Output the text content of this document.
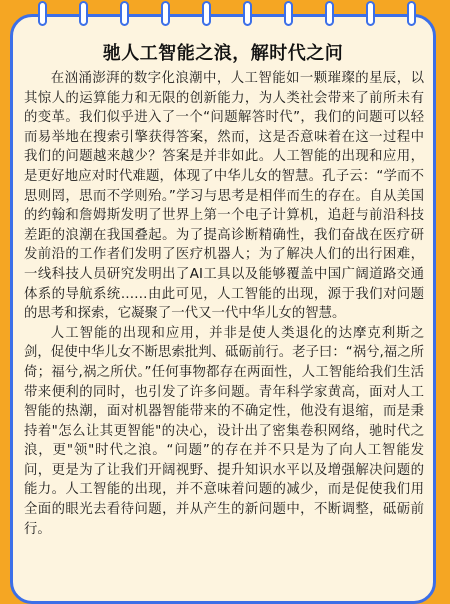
驰人工智能之浪，解时代之问

在汹涌澎湃的数字化浪潮中，人工智能如一颗璀璨的星辰，以其惊人的运算能力和无限的创新能力，为人类社会带来了前所未有的变革。我们似乎进入了一个“问题解答时代”，我们的问题可以轻而易举地在搜索引擎获得答案，然而，这是否意味着在这一过程中我们的问题越来越少？答案是并非如此。人工智能的出现和应用，是更好地应对时代难题，体现了中华儿女的智慧。孔子云：“学而不思则罔，思而不学则殆。”学习与思考是相伴而生的存在。自从美国的约翰和詹姆斯发明了世界上第一个电子计算机，追赶与前沿科技差距的浪潮在我国叠起。为了提高诊断精确性，我们奋战在医疗研发前沿的工作者们发明了医疗机器人；为了解决人们的出行困难，一线科技人员研究发明出了AI工具以及能够覆盖中国广阔道路交通体系的导航系统……由此可见，人工智能的出现，源于我们对问题的思考和探索，它凝聚了一代又一代中华儿女的智慧。

人工智能的出现和应用，并非是使人类退化的达摩克利斯之剑，促使中华儿女不断思索批判、砥砺前行。老子曰：“祸兮,福之所倚；福兮,祸之所伏。”任何事物都存在两面性，人工智能给我们生活带来便利的同时，也引发了许多问题。青年科学家黄高，面对人工智能的热潮，面对机器智能带来的不确定性，他没有退缩，而是秉持着"怎么让其更智能"的决心，设计出了密集卷积网络，驰时代之浪，更"领"时代之浪。“问题”的存在并不只是为了向人工智能发问，更是为了让我们开阔视野、提升知识水平以及增强解决问题的能力。人工智能的出现，并不意味着问题的减少，而是促使我们用全面的眼光去看待问题，并从产生的新问题中，不断调整，砥砺前行。
